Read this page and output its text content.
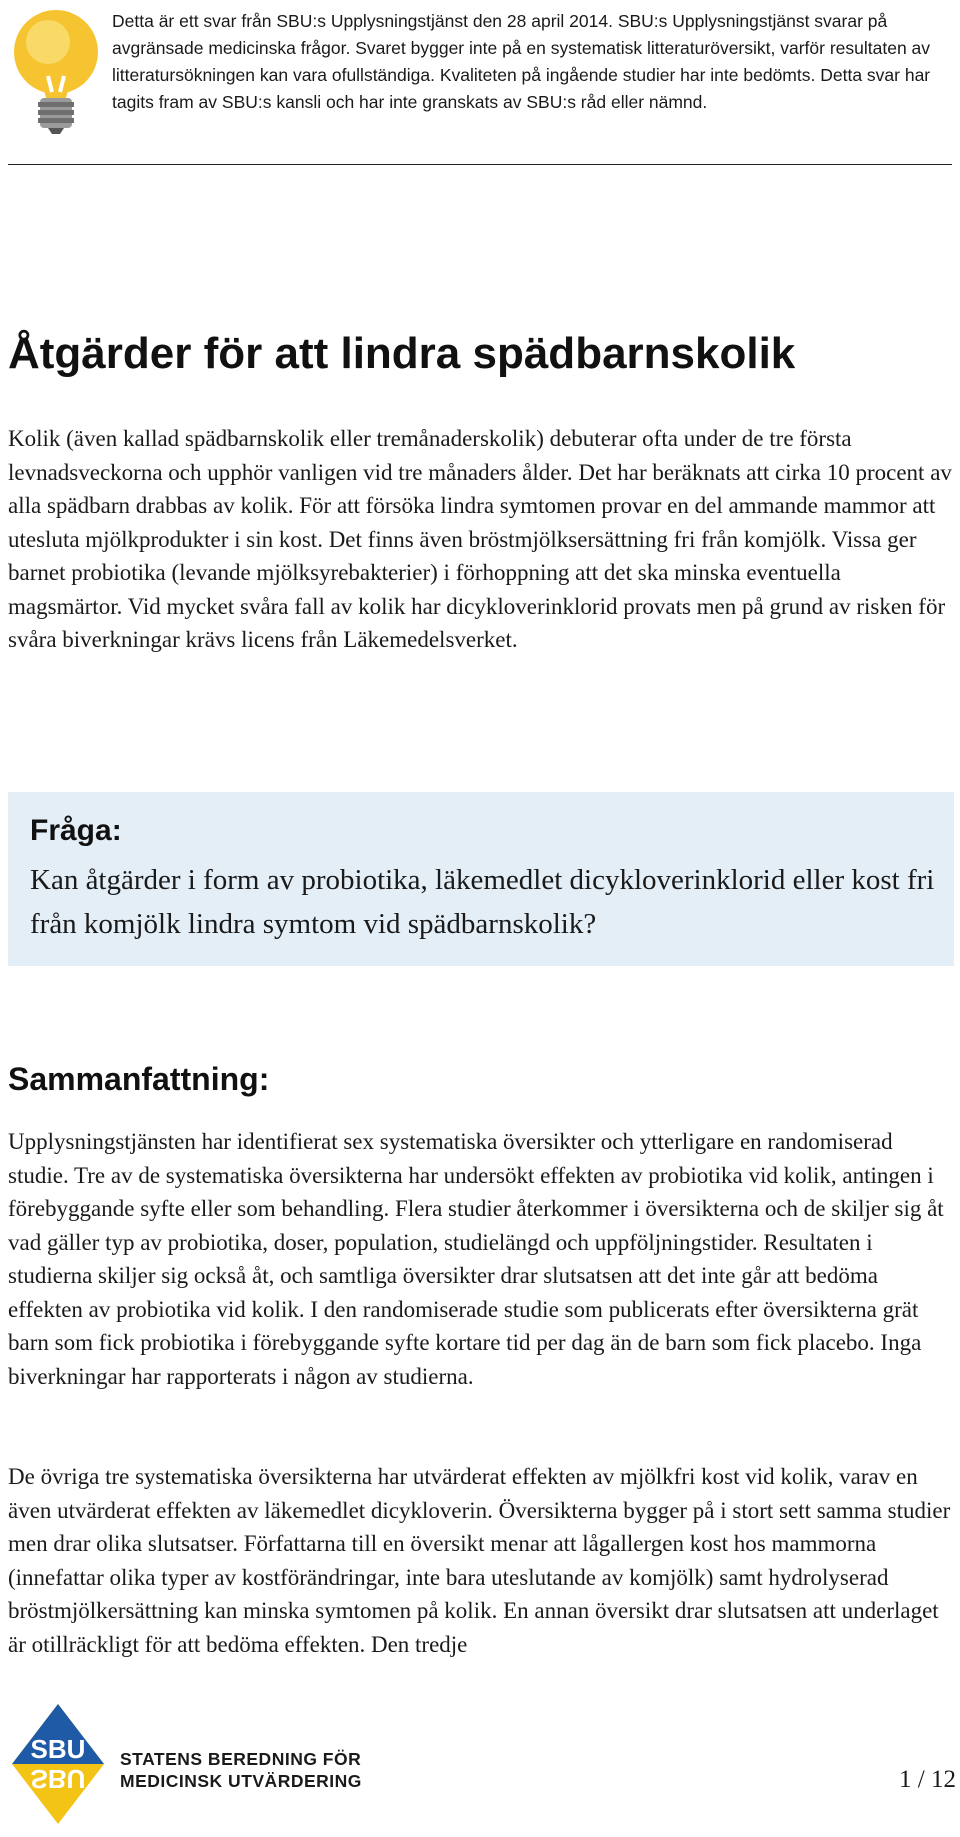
Detta är ett svar från SBU:s Upplysningstjänst den 28 april 2014. SBU:s Upplysningstjänst svarar på avgränsade medicinska frågor. Svaret bygger inte på en systematisk litteraturöversikt, varför resultaten av litteratursökningen kan vara ofullständiga. Kvaliteten på ingående studier har inte bedömts. Detta svar har tagits fram av SBU:s kansli och har inte granskats av SBU:s råd eller nämnd.
Åtgärder för att lindra spädbarnskolik

Kolik (även kallad spädbarnskolik eller tremånaderskolik) debuterar ofta under de tre första levnadsveckorna och upphör vanligen vid tre månaders ålder. Det har beräknats att cirka 10 procent av alla spädbarn drabbas av kolik. För att försöka lindra symtomen provar en del ammande mammor att utesluta mjölkprodukter i sin kost. Det finns även bröstmjölksersättning fri från komjölk. Vissa ger barnet probiotika (levande mjölksyrebakterier) i förhoppning att det ska minska eventuella magsmärtor. Vid mycket svåra fall av kolik har dicykloverinklorid provats men på grund av risken för svåra biverkningar krävs licens från Läkemedelsverket.

Fråga:

Kan åtgärder i form av probiotika, läkemedlet dicykloverinklorid eller kost fri från komjölk lindra symtom vid spädbarnskolik?

Sammanfattning:

Upplysningstjänsten har identifierat sex systematiska översikter och ytterligare en randomiserad studie. Tre av de systematiska översikterna har undersökt effekten av probiotika vid kolik, antingen i förebyggande syfte eller som behandling. Flera studier återkommer i översikterna och de skiljer sig åt vad gäller typ av probiotika, doser, population, studielängd och uppföljningstider. Resultaten i studierna skiljer sig också åt, och samtliga översikter drar slutsatsen att det inte går att bedöma effekten av probiotika vid kolik. I den randomiserade studie som publicerats efter översikterna grät barn som fick probiotika i förebyggande syfte kortare tid per dag än de barn som fick placebo. Inga biverkningar har rapporterats i någon av studierna.

De övriga tre systematiska översikterna har utvärderat effekten av mjölkfri kost vid kolik, varav en även utvärderat effekten av läkemedlet dicykloverin. Översikterna bygger på i stort sett samma studier men drar olika slutsatser. Författarna till en översikt menar att lågallergen kost hos mammorna (innefattar olika typer av kostförändringar, inte bara uteslutande av komjölk) samt hydrolyserad bröstmjölkersättning kan minska symtomen på kolik. En annan översikt drar slutsatsen att underlaget är otillräckligt för att bedöma effekten. Den tredje

SBU
SBU

STATENS BEREDNING FÖR
MEDICINSK UTVÄRDERING	1 / 12
